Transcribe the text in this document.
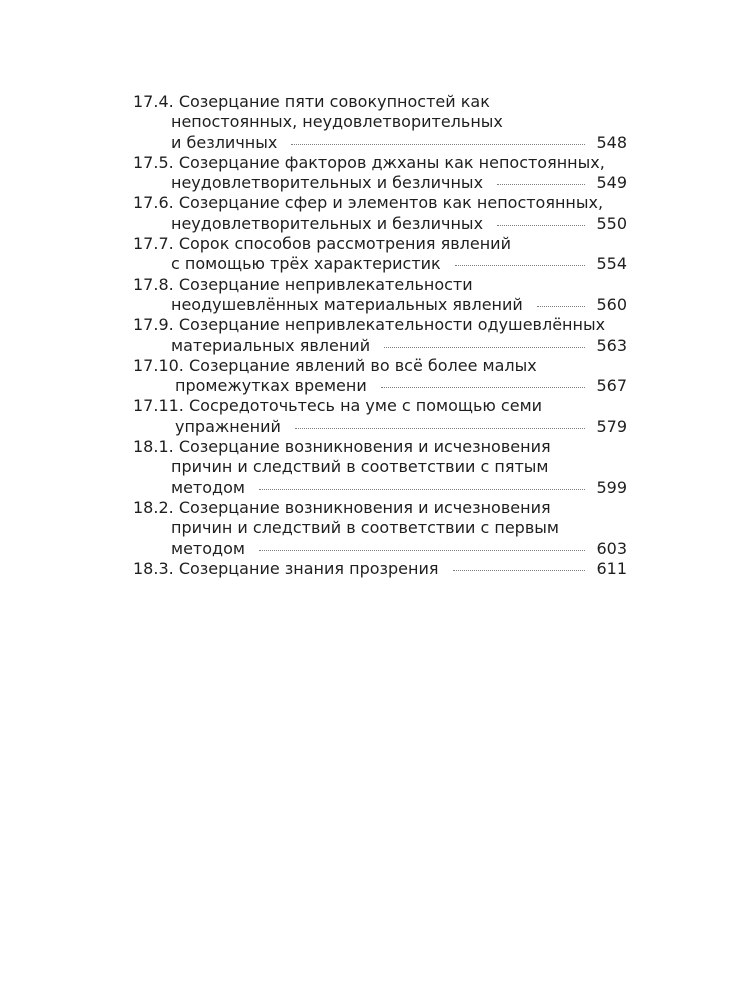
17.4. Созерцание пяти совокупностей как
непостоянных, неудовлетворительных
и безличных	548
17.5. Созерцание факторов джханы как непостоянных,
неудовлетворительных и безличных	549
17.6. Созерцание сфер и элементов как непостоянных,
неудовлетворительных и безличных	550
17.7. Сорок способов рассмотрения явлений
с помощью трёх характеристик	554
17.8. Созерцание непривлекательности
неодушевлённых материальных явлений	560
17.9. Созерцание непривлекательности одушевлённых
материальных явлений	563
17.10. Созерцание явлений во всё более малых
промежутках времени	567
17.11. Сосредоточьтесь на уме с помощью семи
упражнений	579
18.1. Созерцание возникновения и исчезновения
причин и следствий в соответствии с пятым
методом	599
18.2. Созерцание возникновения и исчезновения
причин и следствий в соответствии с первым
методом	603
18.3. Созерцание знания прозрения	611
